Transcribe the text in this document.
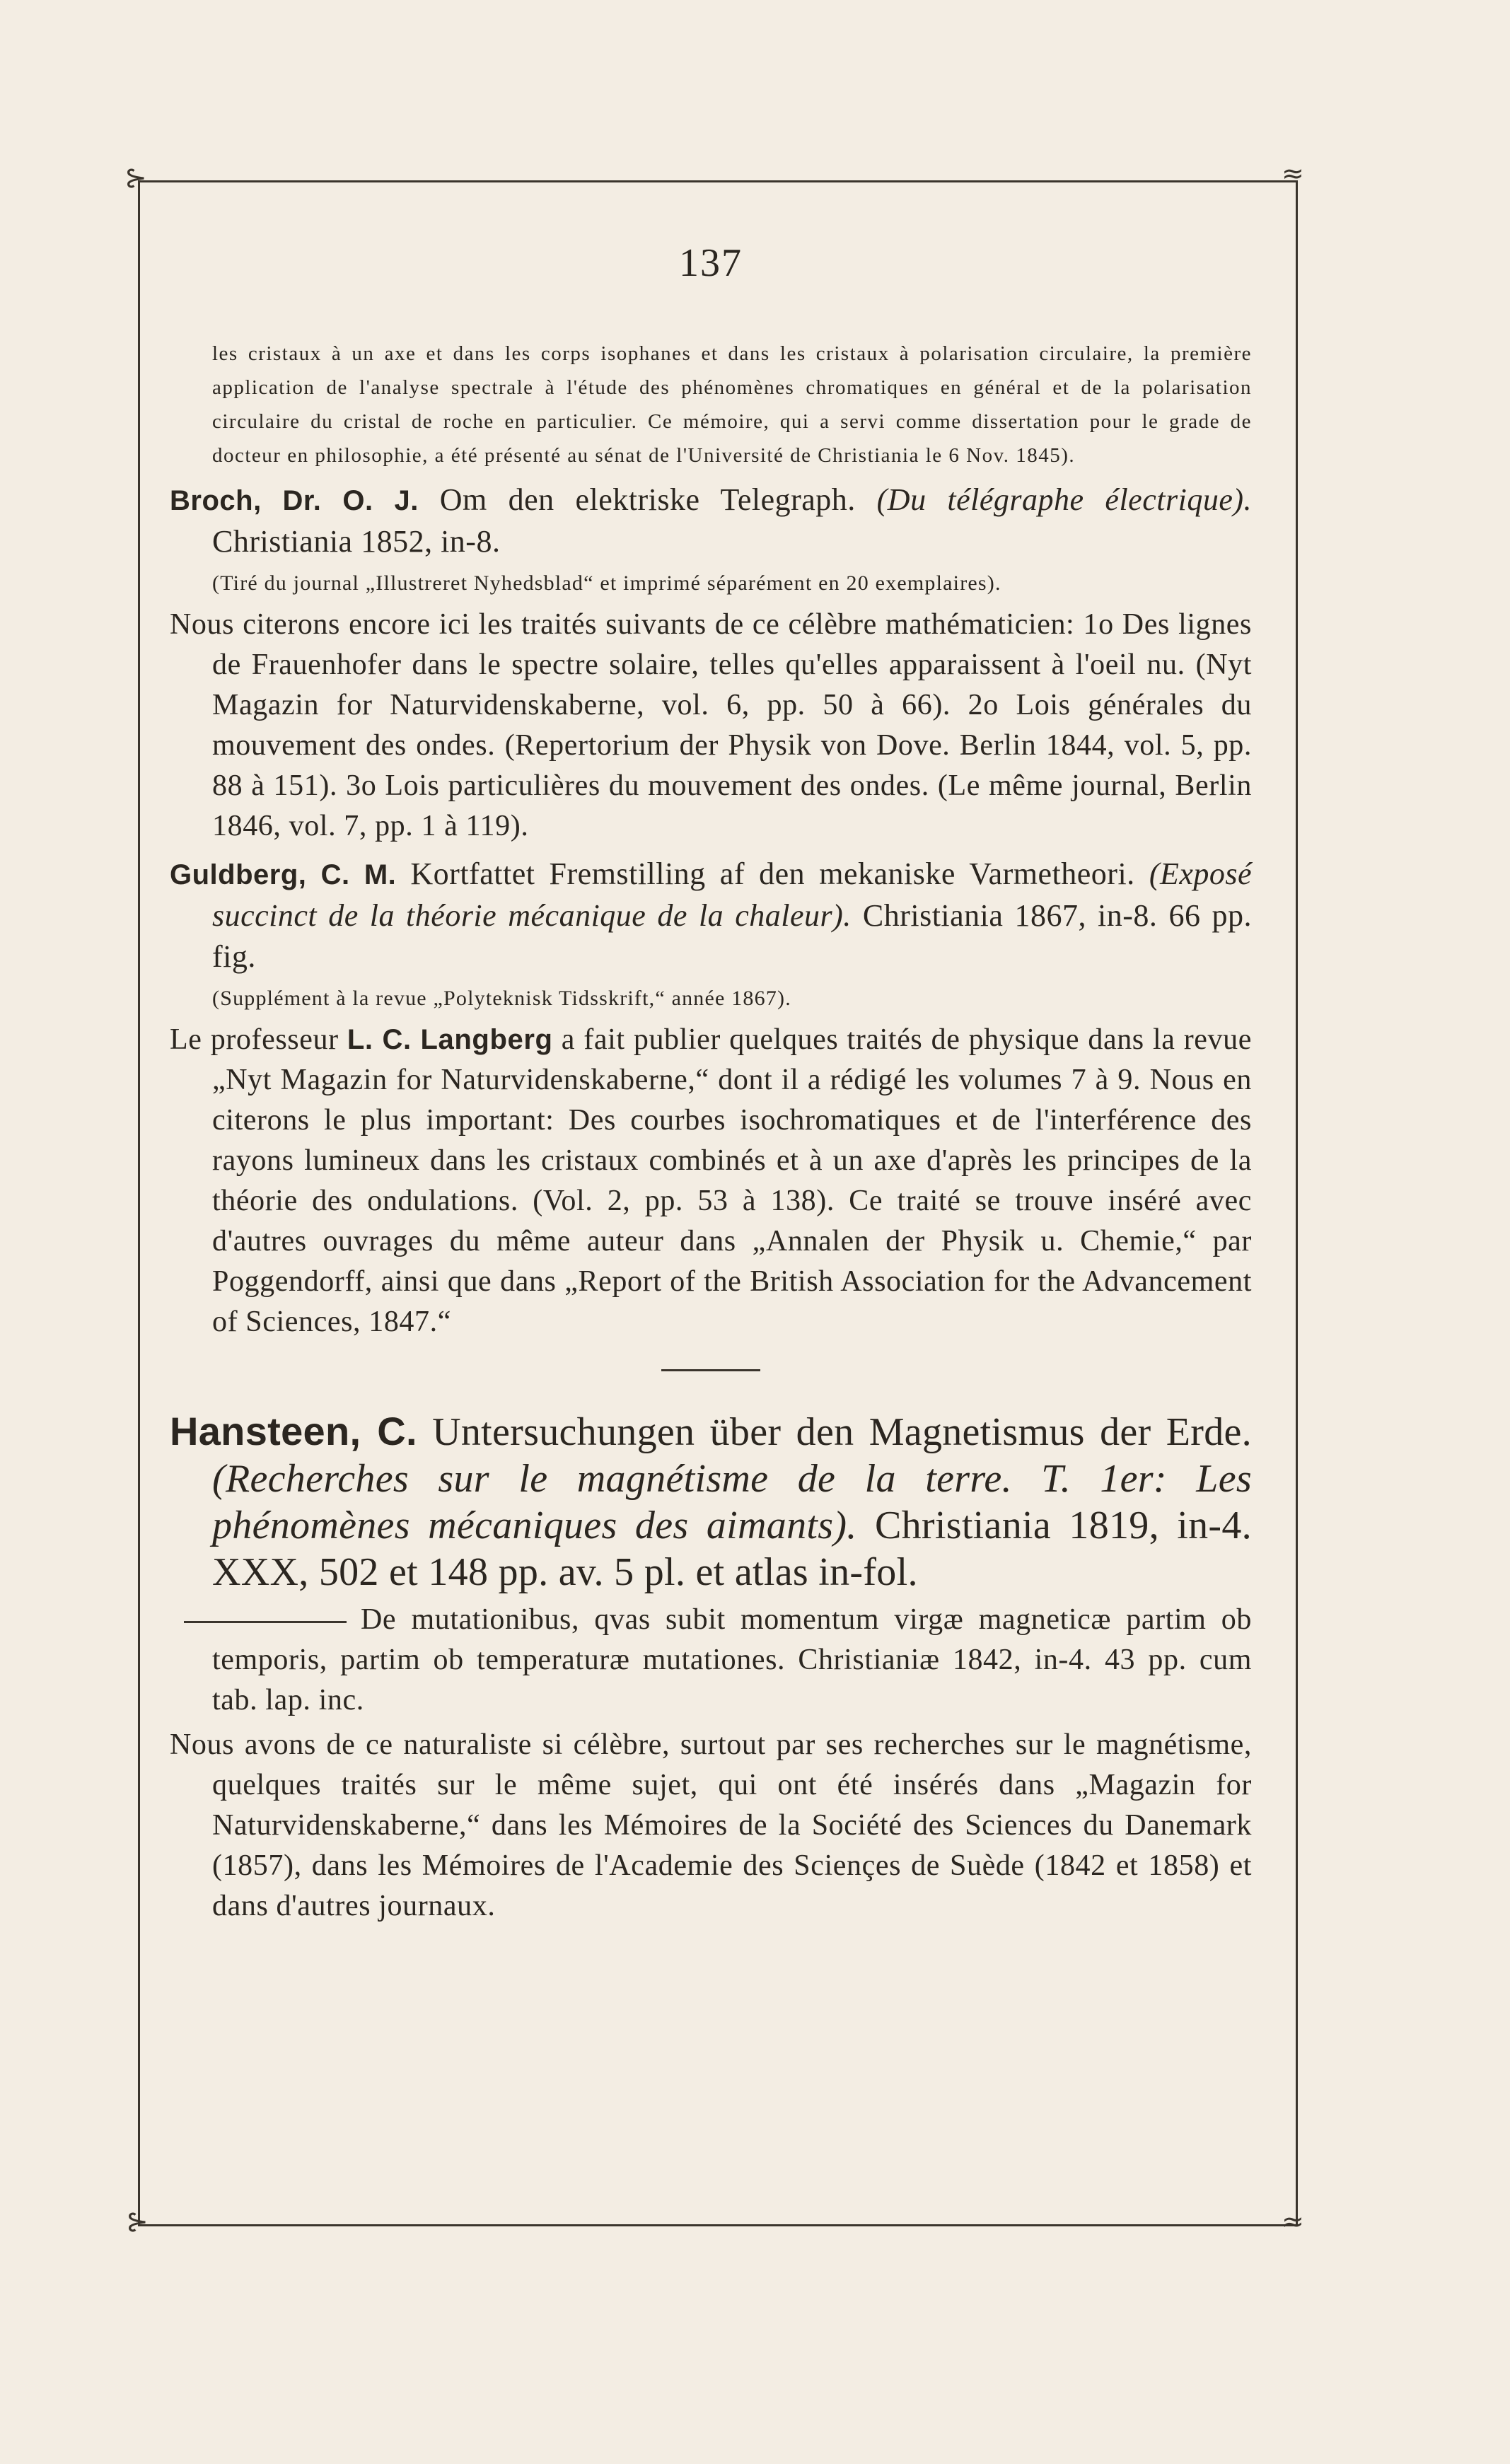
⊱	≈
⊱	≈
137

les cristaux à un axe et dans les corps isophanes et dans les cristaux à polarisation circulaire, la première application de l'analyse spectrale à l'étude des phénomènes chromatiques en général et de la polarisation circulaire du cristal de roche en particulier. Ce mémoire, qui a servi comme dissertation pour le grade de docteur en philosophie, a été présenté au sénat de l'Université de Christiania le 6 Nov. 1845).

Broch, Dr. O. J. Om den elektriske Telegraph. (Du télégraphe électrique). Christiania 1852, in-8.
(Tiré du journal „Illustreret Nyhedsblad“ et imprimé séparément en 20 exemplaires).
Nous citerons encore ici les traités suivants de ce célèbre mathématicien: 1o Des lignes de Frauenhofer dans le spectre solaire, telles qu'elles apparaissent à l'oeil nu. (Nyt Magazin for Naturvidenskaberne, vol. 6, pp. 50 à 66). 2o Lois générales du mouvement des ondes. (Repertorium der Physik von Dove. Berlin 1844, vol. 5, pp. 88 à 151). 3o Lois particulières du mouvement des ondes. (Le même journal, Berlin 1846, vol. 7, pp. 1 à 119).
Guldberg, C. M. Kortfattet Fremstilling af den mekaniske Varmetheori. (Exposé succinct de la théorie mécanique de la chaleur). Christiania 1867, in-8. 66 pp. fig.
(Supplément à la revue „Polyteknisk Tidsskrift,“ année 1867).
Le professeur L. C. Langberg a fait publier quelques traités de physique dans la revue „Nyt Magazin for Naturvidenskaberne,“ dont il a rédigé les volumes 7 à 9. Nous en citerons le plus important: Des courbes isochromatiques et de l'interférence des rayons lumineux dans les cristaux combinés et à un axe d'après les principes de la théorie des ondulations. (Vol. 2, pp. 53 à 138). Ce traité se trouve inséré avec d'autres ouvrages du même auteur dans „Annalen der Physik u. Chemie,“ par Poggendorff, ainsi que dans „Report of the British Association for the Advancement of Sciences, 1847.“
Hansteen, C. Untersuchungen über den Magnetismus der Erde. (Recherches sur le magnétisme de la terre. T. 1er: Les phénomènes mécaniques des aimants). Christiania 1819, in-4. XXX, 502 et 148 pp. av. 5 pl. et atlas in-fol.
De mutationibus, qvas subit momentum virgæ magneticæ partim ob temporis, partim ob temperaturæ mutationes. Christianiæ 1842, in-4. 43 pp. cum tab. lap. inc.
Nous avons de ce naturaliste si célèbre, surtout par ses recherches sur le magnétisme, quelques traités sur le même sujet, qui ont été insérés dans „Magazin for Naturvidenskaberne,“ dans les Mémoires de la Société des Sciences du Danemark (1857), dans les Mémoires de l'Academie des Sciençes de Suède (1842 et 1858) et dans d'autres journaux.
